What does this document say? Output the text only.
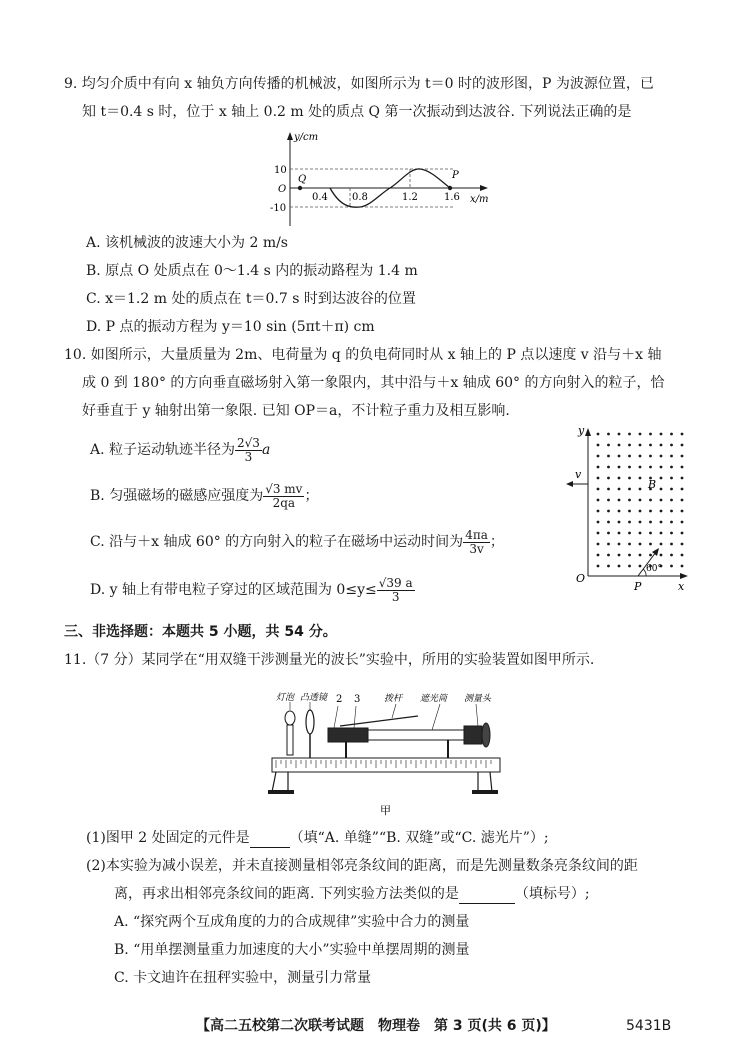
9. 均匀介质中有向 x 轴负方向传播的机械波，如图所示为 t＝0 时的波形图，P 为波源位置，已
知 t＝0.4 s 时，位于 x 轴上 0.2 m 处的质点 Q 第一次振动到达波谷. 下列说法正确的是
y/cm
x/m
O
10
-10
0.4 0.8	1.2	1.6
Q	P
A. 该机械波的波速大小为 2 m/s
B. 原点 O 处质点在 0～1.4 s 内的振动路程为 1.4 m
C. x＝1.2 m 处的质点在 t＝0.7 s 时到达波谷的位置
D. P 点的振动方程为 y＝10 sin (5πt＋π) cm
10. 如图所示，大量质量为 2m、电荷量为 q 的负电荷同时从 x 轴上的 P 点以速度 v 沿与＋x 轴
成 0 到 180° 的方向垂直磁场射入第一象限内，其中沿与＋x 轴成 60° 的方向射入的粒子，恰
好垂直于 y 轴射出第一象限. 已知 OP＝a，不计粒子重力及相互影响.
A. 粒子运动轨迹半径为 $\frac{2√3}{3}$ a
B. 匀强磁场的磁感应强度为 $\frac{√3 mv}{2qa}$ ；
C. 沿与＋x 轴成 60° 的方向射入的粒子在磁场中运动时间为 $\frac{4\pi a}{3v}$ ；
D. y 轴上有带电粒子穿过的区域范围为 $0\le y\le \frac{√39 a}{3}$
y
x
O
P
B
v
60°
三、非选择题：本题共 5 小题，共 54 分。
11.（7 分）某同学在“用双缝干涉测量光的波长”实验中，所用的实验装置如图甲所示.
灯泡 凸透镜 2 3	拨杆 遮光筒 测量头
甲
(1)图甲 2 处固定的元件是	（填“A. 单缝”“B. 双缝”或“C. 滤光片”）;
(2)本实验为减小误差，并未直接测量相邻亮条纹间的距离，而是先测量数条亮条纹间的距
离，再求出相邻亮条纹间的距离. 下列实验方法类似的是	（填标号）;
A. “探究两个互成角度的力的合成规律”实验中合力的测量
B. “用单摆测量重力加速度的大小”实验中单摆周期的测量
C. 卡文迪许在扭秤实验中，测量引力常量
【高二五校第二次联考试题　物理卷　第 3 页(共 6 页)】	5431B
